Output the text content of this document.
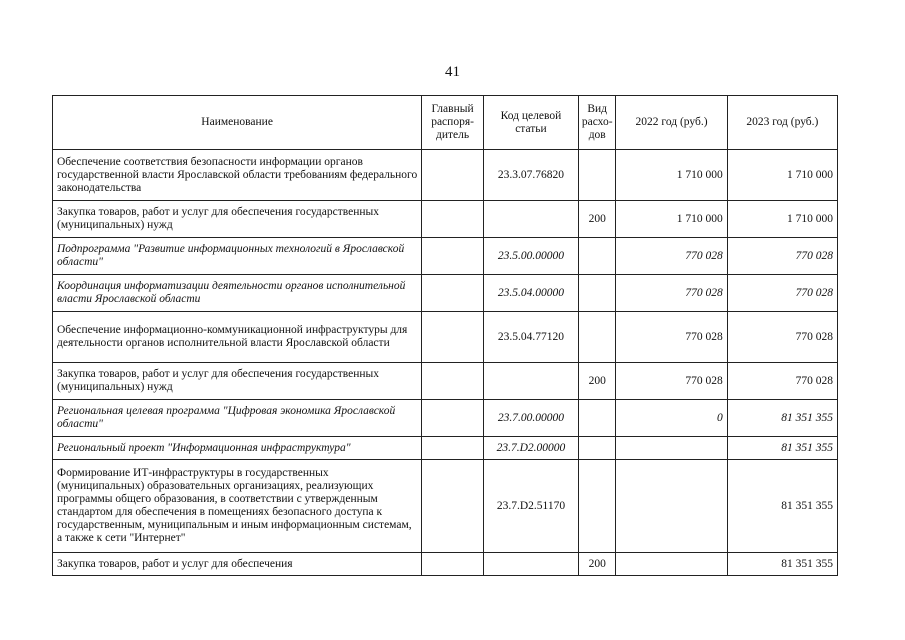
41
Наименование	Главный распоря-дитель	Код целевой статьи	Вид расхо-дов	2022 год (руб.)	2023 год (руб.)
Обеспечение соответствия безопасности информации органов государственной власти Ярославской области требованиям федерального законодательства		23.3.07.76820		1 710 000	1 710 000
Закупка товаров, работ и услуг для обеспечения государственных (муниципальных) нужд			200	1 710 000	1 710 000
Подпрограмма "Развитие информационных технологий в Ярославской области"		23.5.00.00000		770 028	770 028
Координация информатизации деятельности органов исполнительной власти Ярославской области		23.5.04.00000		770 028	770 028
Обеспечение информационно-коммуникационной инфраструктуры для деятельности органов исполнительной власти Ярославской области		23.5.04.77120		770 028	770 028
Закупка товаров, работ и услуг для обеспечения государственных (муниципальных) нужд			200	770 028	770 028
Региональная целевая программа "Цифровая экономика Ярославской области"		23.7.00.00000		0	81 351 355
Региональный проект "Информационная инфраструктура"		23.7.D2.00000			81 351 355
Формирование ИТ-инфраструктуры в государственных (муниципальных) образовательных организациях, реализующих программы общего образования, в соответствии с утвержденным стандартом для обеспечения в помещениях безопасного доступа к государственным, муниципальным и иным информационным системам, а также к сети "Интернет"		23.7.D2.51170			81 351 355
Закупка товаров, работ и услуг для обеспечения			200		81 351 355
